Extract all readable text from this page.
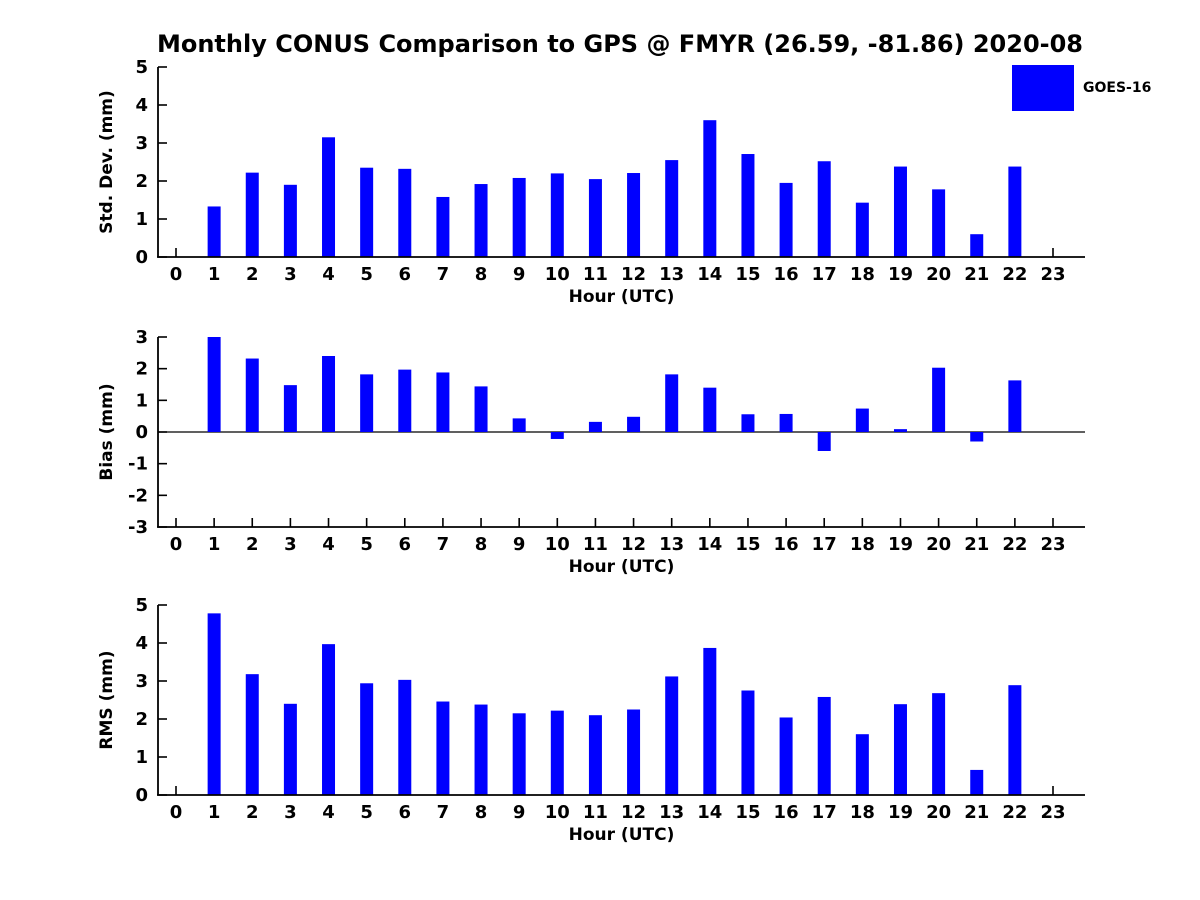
Monthly CONUS Comparison to GPS @ FMYR (26.59, -81.86) 2020-08
GOES-16
0
1
2
3
4
5
0 1 2 3 4 5 6 7 8 9 10 11 12 13 14 15 16 17 18 19 20 21 22 23
Hour (UTC)
Std. Dev. (mm)
-3
-2
-1
0
1
2
3
0 1 2 3 4 5 6 7 8 9 10 11 12 13 14 15 16 17 18 19 20 21 22 23
Hour (UTC)
Bias (mm)
0
1
2
3
4
5
0 1 2 3 4 5 6 7 8 9 10 11 12 13 14 15 16 17 18 19 20 21 22 23
Hour (UTC)
RMS (mm)
